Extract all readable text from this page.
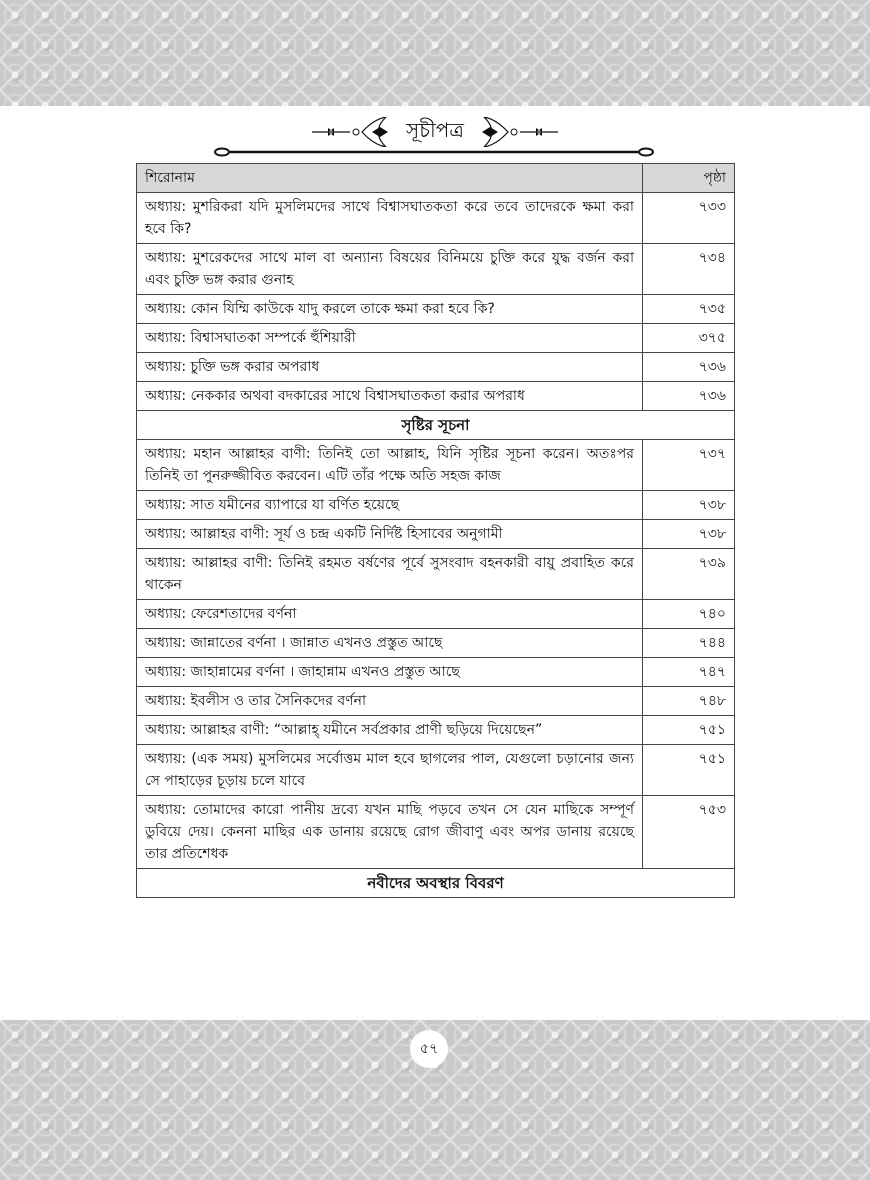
সূচীপত্র
শিরোনাম	পৃষ্ঠা
অধ্যায়: মুশরিকরা যদি মুসলিমদের সাথে বিশ্বাসঘাতকতা করে তবে তাদেরকে ক্ষমা করা হবে কি?	৭৩৩
অধ্যায়: মুশরেকদের সাথে মাল বা অন্যান্য বিষয়ের বিনিময়ে চুক্তি করে যুদ্ধ বর্জন করা এবং চুক্তি ভঙ্গ করার গুনাহ	৭৩৪
অধ্যায়: কোন যিম্মি কাউকে যাদু করলে তাকে ক্ষমা করা হবে কি?	৭৩৫
অধ্যায়: বিশ্বাসঘাতকা সম্পর্কে হুঁশিয়ারী	৩৭৫
অধ্যায়: চুক্তি ভঙ্গ করার অপরাধ	৭৩৬
অধ্যায়: নেককার অথবা বদকারের সাথে বিশ্বাসঘাতকতা করার অপরাধ	৭৩৬
সৃষ্টির সূচনা	
অধ্যায়: মহান আল্লাহর বাণী: তিনিই তো আল্লাহ, যিনি সৃষ্টির সূচনা করেন। অতঃপর তিনিই তা পুনরুজ্জীবিত করবেন। এটি তাঁর পক্ষে অতি সহজ কাজ	৭৩৭
অধ্যায়: সাত যমীনের ব্যাপারে যা বর্ণিত হয়েছে	৭৩৮
অধ্যায়: আল্লাহর বাণী: সূর্য ও চন্দ্র একটি নির্দিষ্ট হিসাবের অনুগামী	৭৩৮
অধ্যায়: আল্লাহর বাণী: তিনিই রহমত বর্ষণের পূর্বে সুসংবাদ বহনকারী বায়ু প্রবাহিত করে থাকেন	৭৩৯
অধ্যায়: ফেরেশতাদের বর্ণনা	৭৪০
অধ্যায়: জান্নাতের বর্ণনা । জান্নাত এখনও প্রস্তুত আছে	৭৪৪
অধ্যায়: জাহান্নামের বর্ণনা । জাহান্নাম এখনও প্রস্তুত আছে	৭৪৭
অধ্যায়: ইবলীস ও তার সৈনিকদের বর্ণনা	৭৪৮
অধ্যায়: আল্লাহর বাণী: “আল্লাহ্ যমীনে সর্বপ্রকার প্রাণী ছড়িয়ে দিয়েছেন”	৭৫১
অধ্যায়: (এক সময়) মুসলিমের সর্বোত্তম মাল হবে ছাগলের পাল, যেগুলো চড়ানোর জন্য সে পাহাড়ের চূড়ায় চলে যাবে	৭৫১
অধ্যায়: তোমাদের কারো পানীয় দ্রব্যে যখন মাছি পড়বে তখন সে যেন মাছিকে সম্পূর্ণ ডুবিয়ে দেয়। কেননা মাছির এক ডানায় রয়েছে রোগ জীবাণু এবং অপর ডানায় রয়েছে তার প্রতিশেধক	৭৫৩
নবীদের অবস্থার বিবরণ	
৫৭
